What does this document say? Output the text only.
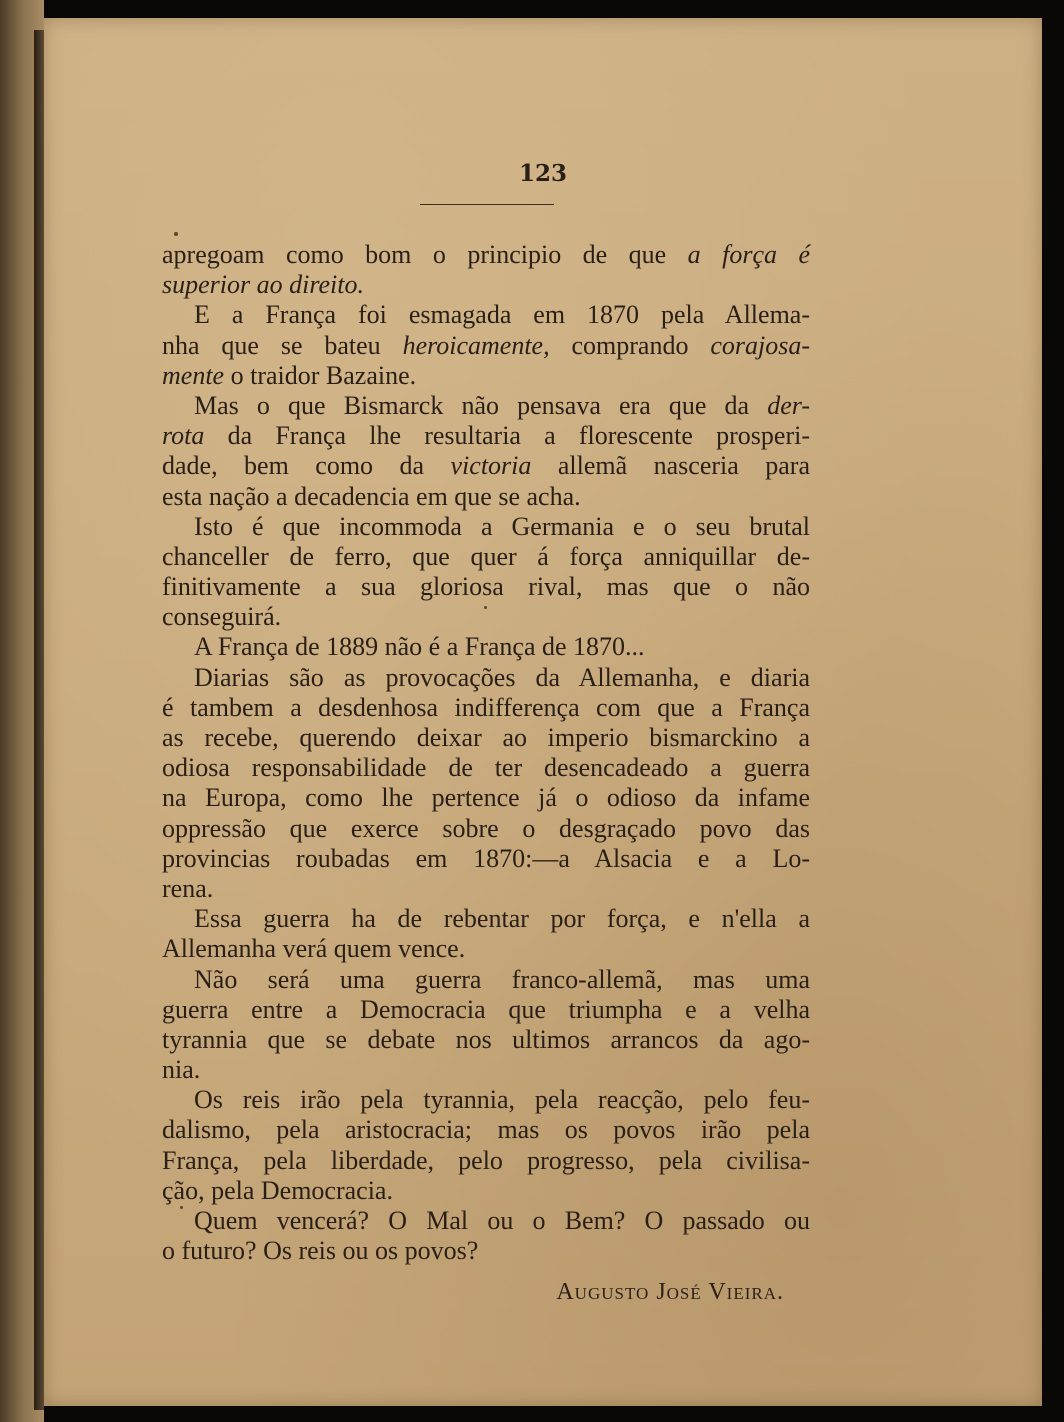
123
apregoam como bom o principio de que a força é
superior ao direito.
E a França foi esmagada em 1870 pela Allema-
nha que se bateu heroicamente, comprando corajosa-
mente o traidor Bazaine.
Mas o que Bismarck não pensava era que da der-
rota da França lhe resultaria a florescente prosperi-
dade, bem como da victoria allemã nasceria para
esta nação a decadencia em que se acha.
Isto é que incommoda a Germania e o seu brutal
chanceller de ferro, que quer á força anniquillar de-
finitivamente a sua gloriosa rival, mas que o não
conseguirá.
A França de 1889 não é a França de 1870...
Diarias são as provocações da Allemanha, e diaria
é tambem a desdenhosa indifferença com que a França
as recebe, querendo deixar ao imperio bismarckino a
odiosa responsabilidade de ter desencadeado a guerra
na Europa, como lhe pertence já o odioso da infame
oppressão que exerce sobre o desgraçado povo das
provincias roubadas em 1870:—a Alsacia e a Lo-
rena.
Essa guerra ha de rebentar por força, e n'ella a
Allemanha verá quem vence.
Não será uma guerra franco-allemã, mas uma
guerra entre a Democracia que triumpha e a velha
tyrannia que se debate nos ultimos arrancos da ago-
nia.
Os reis irão pela tyrannia, pela reacção, pelo feu-
dalismo, pela aristocracia; mas os povos irão pela
França, pela liberdade, pelo progresso, pela civilisa-
ção, pela Democracia.
Quem vencerá? O Mal ou o Bem? O passado ou
o futuro? Os reis ou os povos?
Augusto José Vieira.
